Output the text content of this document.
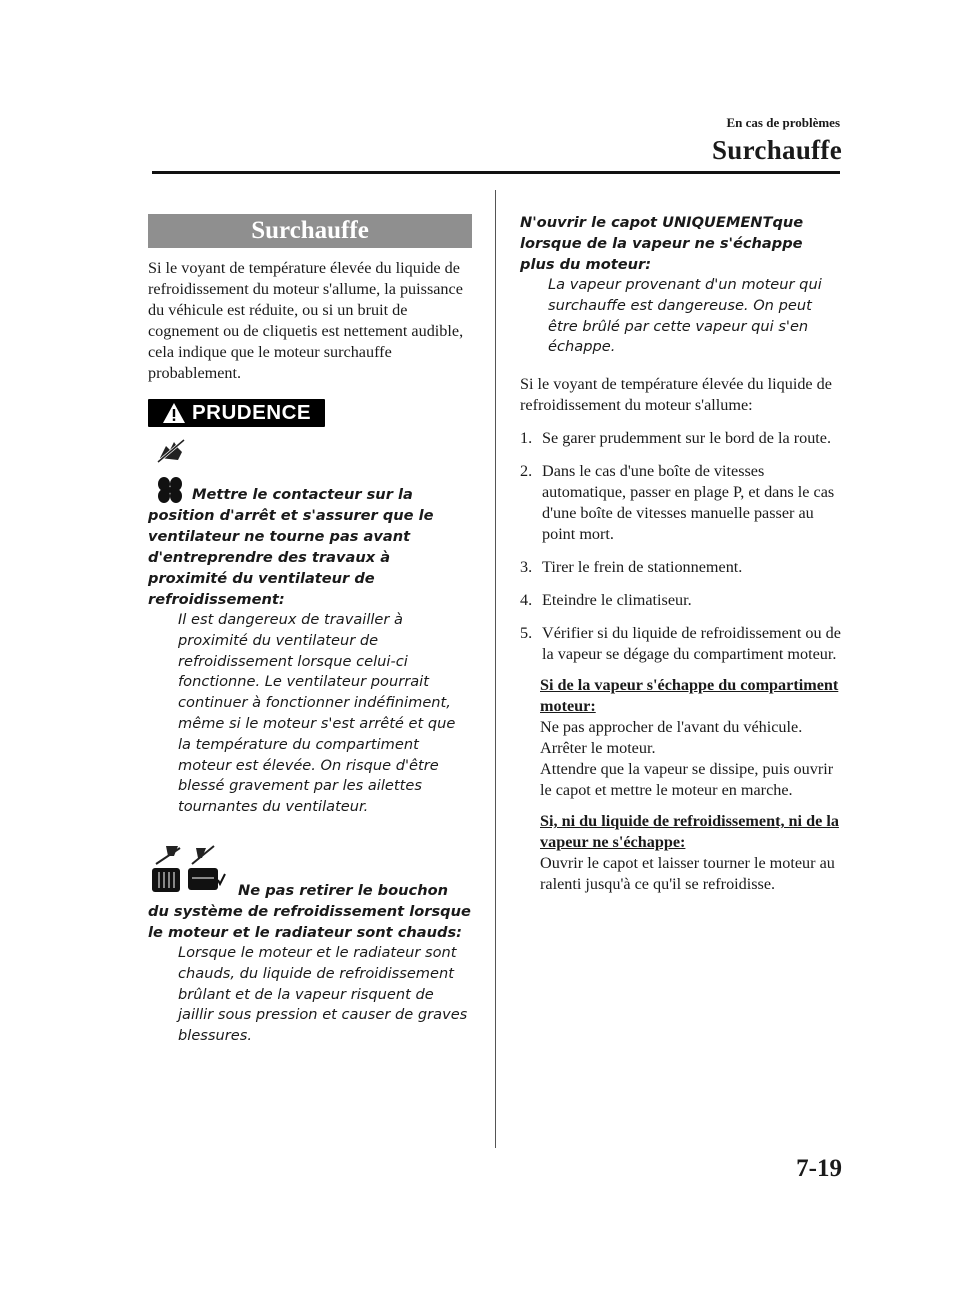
En cas de problèmes
Surchauffe
Surchauffe

Si le voyant de température élevée du liquide de refroidissement du moteur s'allume, la puissance du véhicule est réduite, ou si un bruit de cognement ou de cliquetis est nettement audible, cela indique que le moteur surchauffe probablement.

PRUDENCE

Mettre le contacteur sur la position d'arrêt et s'assurer que le ventilateur ne tourne pas avant d'entreprendre des travaux à proximité du ventilateur de refroidissement:

Il est dangereux de travailler à proximité du ventilateur de refroidissement lorsque celui-ci fonctionne. Le ventilateur pourrait continuer à fonctionner indéfiniment, même si le moteur s'est arrêté et que la température du compartiment moteur est élevée. On risque d'être blessé gravement par les ailettes tournantes du ventilateur.

Ne pas retirer le bouchon du système de refroidissement lorsque le moteur et le radiateur sont chauds:

Lorsque le moteur et le radiateur sont chauds, du liquide de refroidissement brûlant et de la vapeur risquent de jaillir sous pression et causer de graves blessures.

N'ouvrir le capot UNIQUEMENTque lorsque de la vapeur ne s'échappe plus du moteur:

La vapeur provenant d'un moteur qui surchauffe est dangereuse. On peut être brûlé par cette vapeur qui s'en échappe.

Si le voyant de température élevée du liquide de refroidissement du moteur s'allume:

1. Se garer prudemment sur le bord de la route.
2. Dans le cas d'une boîte de vitesses automatique, passer en plage P, et dans le cas d'une boîte de vitesses manuelle passer au point mort.
3. Tirer le frein de stationnement.
4. Eteindre le climatiseur.
5. Vérifier si du liquide de refroidissement ou de la vapeur se dégage du compartiment moteur.
Si de la vapeur s'échappe du compartiment moteur:

Ne pas approcher de l'avant du véhicule. Arrêter le moteur.

Attendre que la vapeur se dissipe, puis ouvrir le capot et mettre le moteur en marche.

Si, ni du liquide de refroidissement, ni de la vapeur ne s'échappe:

Ouvrir le capot et laisser tourner le moteur au ralenti jusqu'à ce qu'il se refroidisse.

7-19
